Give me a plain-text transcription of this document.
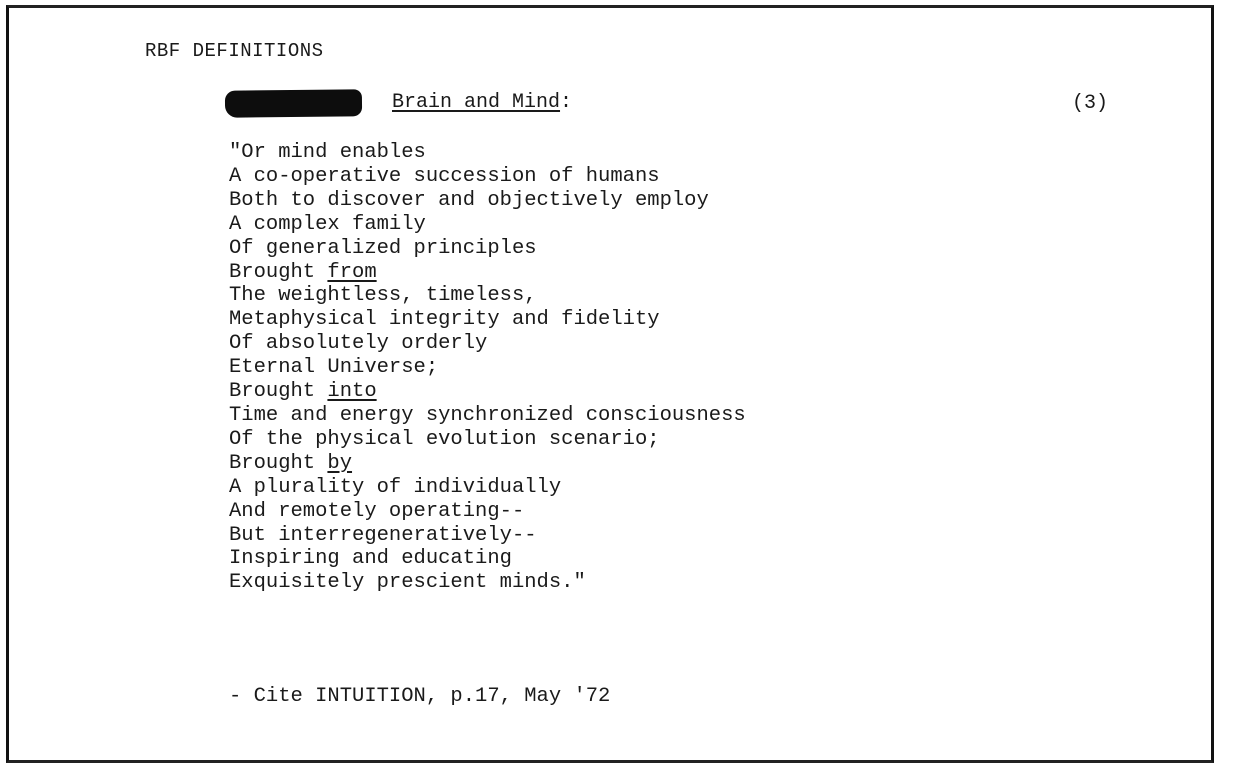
RBF DEFINITIONS
Brain and Mind:	(3)
"Or mind enables
A co-operative succession of humans
Both to discover and objectively employ
A complex family
Of generalized principles
Brought from
The weightless, timeless,
Metaphysical integrity and fidelity
Of absolutely orderly
Eternal Universe;
Brought into
Time and energy synchronized consciousness
Of the physical evolution scenario;
Brought by
A plurality of individually
And remotely operating--
But interregeneratively--
Inspiring and educating
Exquisitely prescient minds."
- Cite INTUITION, p.17, May '72
